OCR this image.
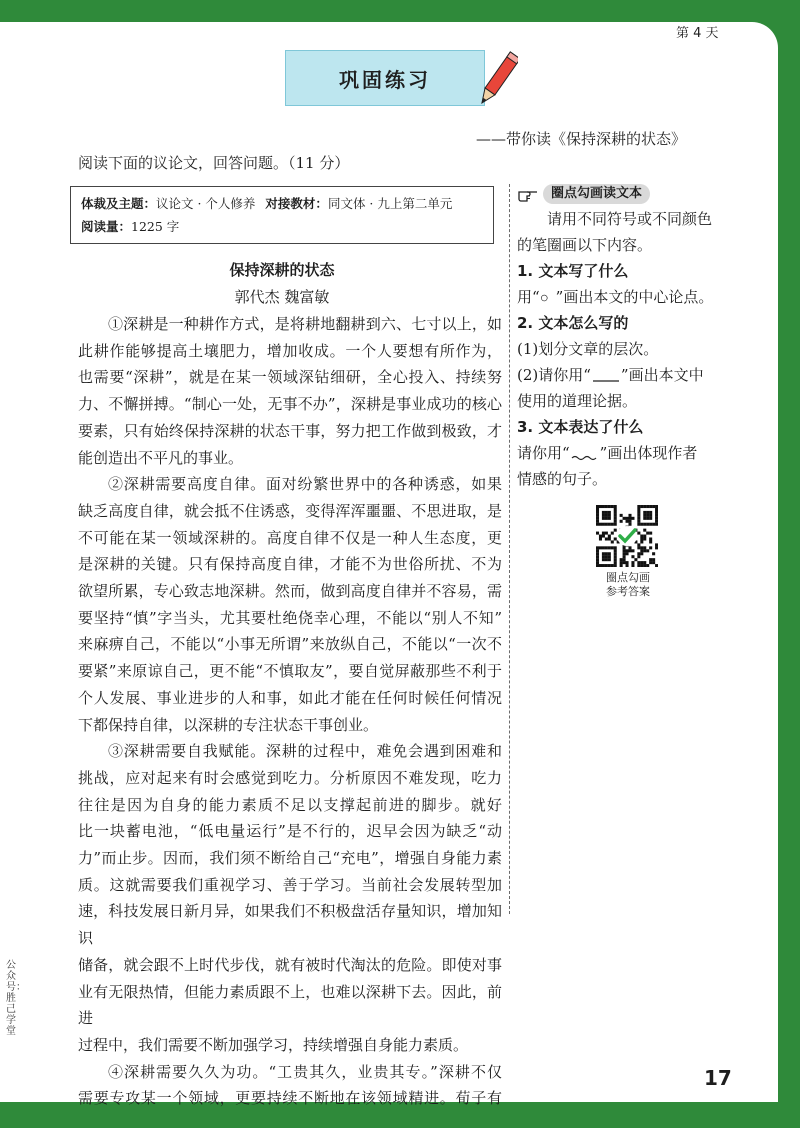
第 4 天
巩固练习
——带你读《保持深耕的状态》
阅读下面的议论文，回答问题。（11 分）
体裁及主题：议论文 · 个人修养 对接教材：同文体 · 九上第二单元
阅读量：1225 字
保持深耕的状态
郭代杰 魏富敏

①深耕是一种耕作方式，是将耕地翻耕到六、七寸以上，如

此耕作能够提高土壤肥力，增加收成。一个人要想有所作为，

也需要“深耕”，就是在某一领域深钻细研，全心投入、持续努

力、不懈拼搏。“制心一处，无事不办”，深耕是事业成功的核心

要素，只有始终保持深耕的状态干事，努力把工作做到极致，才

能创造出不平凡的事业。

②深耕需要高度自律。面对纷繁世界中的各种诱惑，如果

缺乏高度自律，就会抵不住诱惑，变得浑浑噩噩、不思进取，是

不可能在某一领域深耕的。高度自律不仅是一种人生态度，更

是深耕的关键。只有保持高度自律，才能不为世俗所扰、不为

欲望所累，专心致志地深耕。然而，做到高度自律并不容易，需

要坚持“慎”字当头，尤其要杜绝侥幸心理，不能以“别人不知”

来麻痹自己，不能以“小事无所谓”来放纵自己，不能以“一次不

要紧”来原谅自己，更不能“不慎取友”，要自觉屏蔽那些不利于

个人发展、事业进步的人和事，如此才能在任何时候任何情况

下都保持自律，以深耕的专注状态干事创业。

③深耕需要自我赋能。深耕的过程中，难免会遇到困难和

挑战，应对起来有时会感觉到吃力。分析原因不难发现，吃力

往往是因为自身的能力素质不足以支撑起前进的脚步。就好

比一块蓄电池，“低电量运行”是不行的，迟早会因为缺乏“动

力”而止步。因而，我们须不断给自己“充电”，增强自身能力素

质。这就需要我们重视学习、善于学习。当前社会发展转型加

速，科技发展日新月异，如果我们不积极盘活存量知识，增加知识

储备，就会跟不上时代步伐，就有被时代淘汰的危险。即使对事

业有无限热情，但能力素质跟不上，也难以深耕下去。因此，前进

过程中，我们需要不断加强学习，持续增强自身能力素质。

④深耕需要久久为功。“工贵其久，业贵其专。”深耕不仅

需要专攻某一个领域，更要持续不断地在该领域精进。荀子有

圈点勾画读文本

请用不同符号或不同颜色

的笔圈画以下内容。

1. 文本写了什么

用“○”画出本文的中心论点。

2. 文本怎么写的

(1)划分文章的层次。

(2)请你用“ ”画出本文中

使用的道理论据。

3. 文本表达了什么

请你用“ ”画出体现作者

情感的句子。

圈点勾画
参考答案
公众号：胜己学堂
17
